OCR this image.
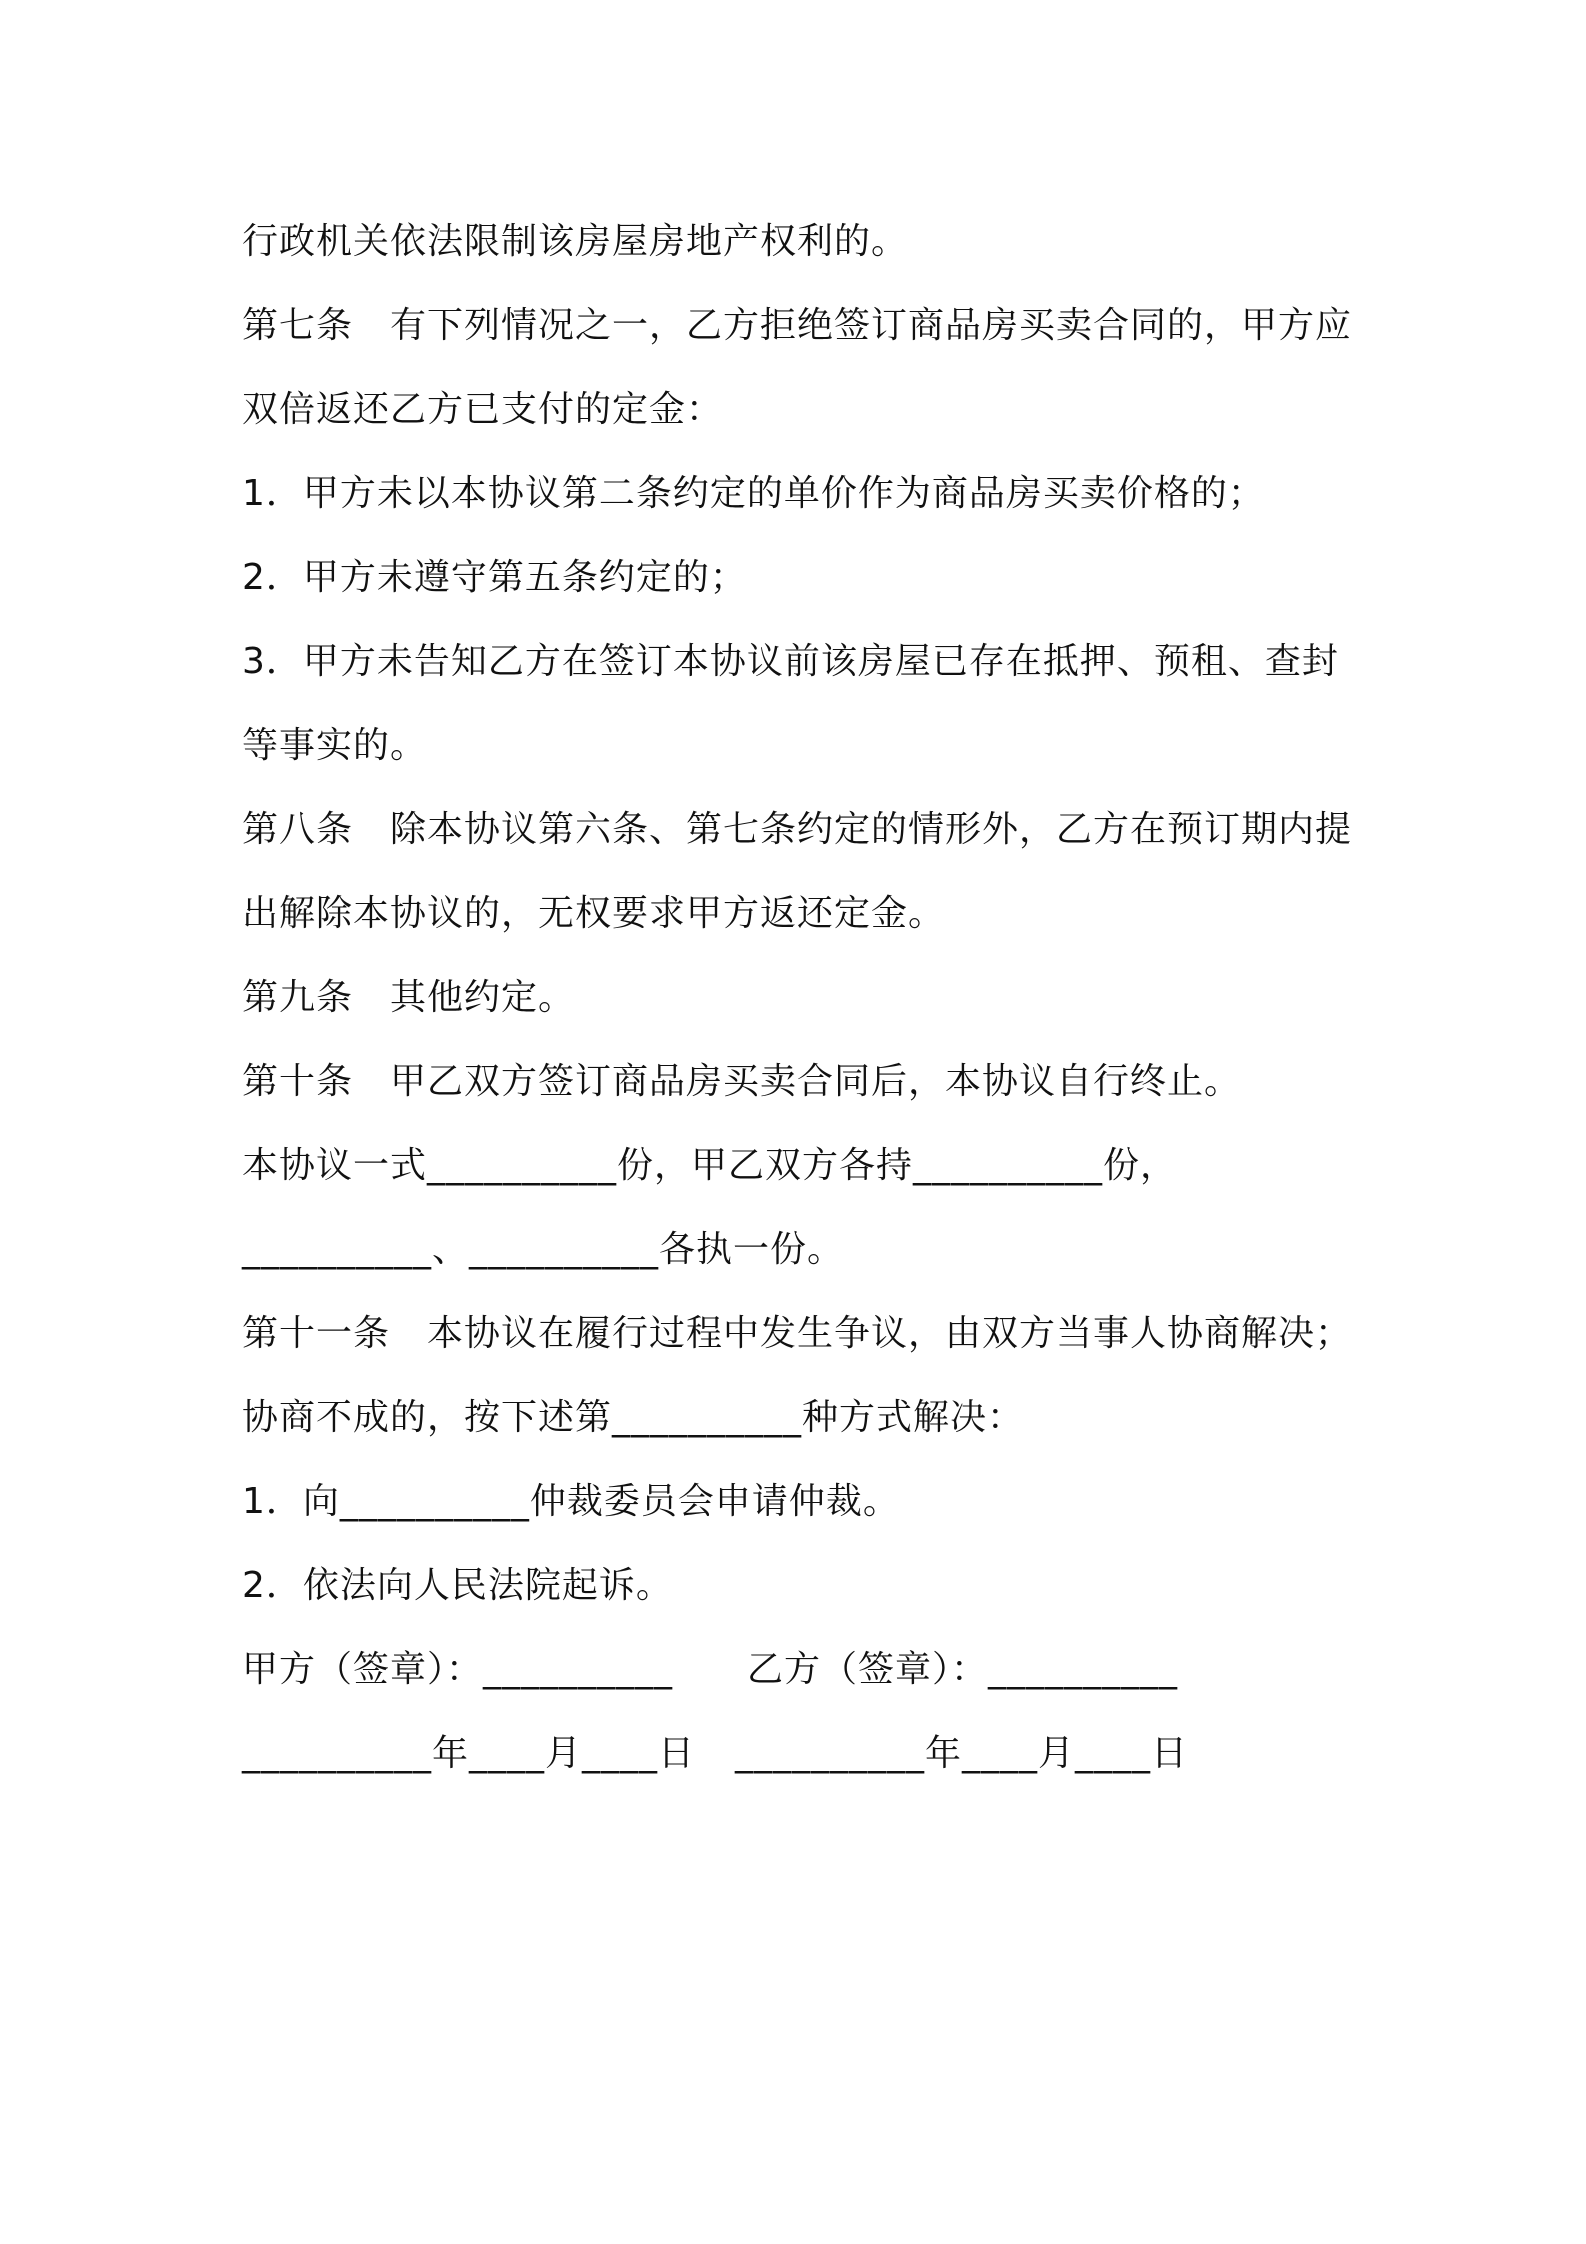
行政机关依法限制该房屋房地产权利的。
第七条　有下列情况之一，乙方拒绝签订商品房买卖合同的，甲方应
双倍返还乙方已支付的定金：
1．甲方未以本协议第二条约定的单价作为商品房买卖价格的；
2．甲方未遵守第五条约定的；
3．甲方未告知乙方在签订本协议前该房屋已存在抵押、预租、查封
等事实的。
第八条　除本协议第六条、第七条约定的情形外，乙方在预订期内提
出解除本协议的，无权要求甲方返还定金。
第九条　其他约定。
第十条　甲乙双方签订商品房买卖合同后，本协议自行终止。
本协议一式__________份，甲乙双方各持__________份，
__________、__________各执一份。
第十一条　本协议在履行过程中发生争议，由双方当事人协商解决；
协商不成的，按下述第__________种方式解决：
1．向__________仲裁委员会申请仲裁。
2．依法向人民法院起诉。
甲方（签章）：__________ 乙方（签章）：__________
__________年____月____日 __________年____月____日
